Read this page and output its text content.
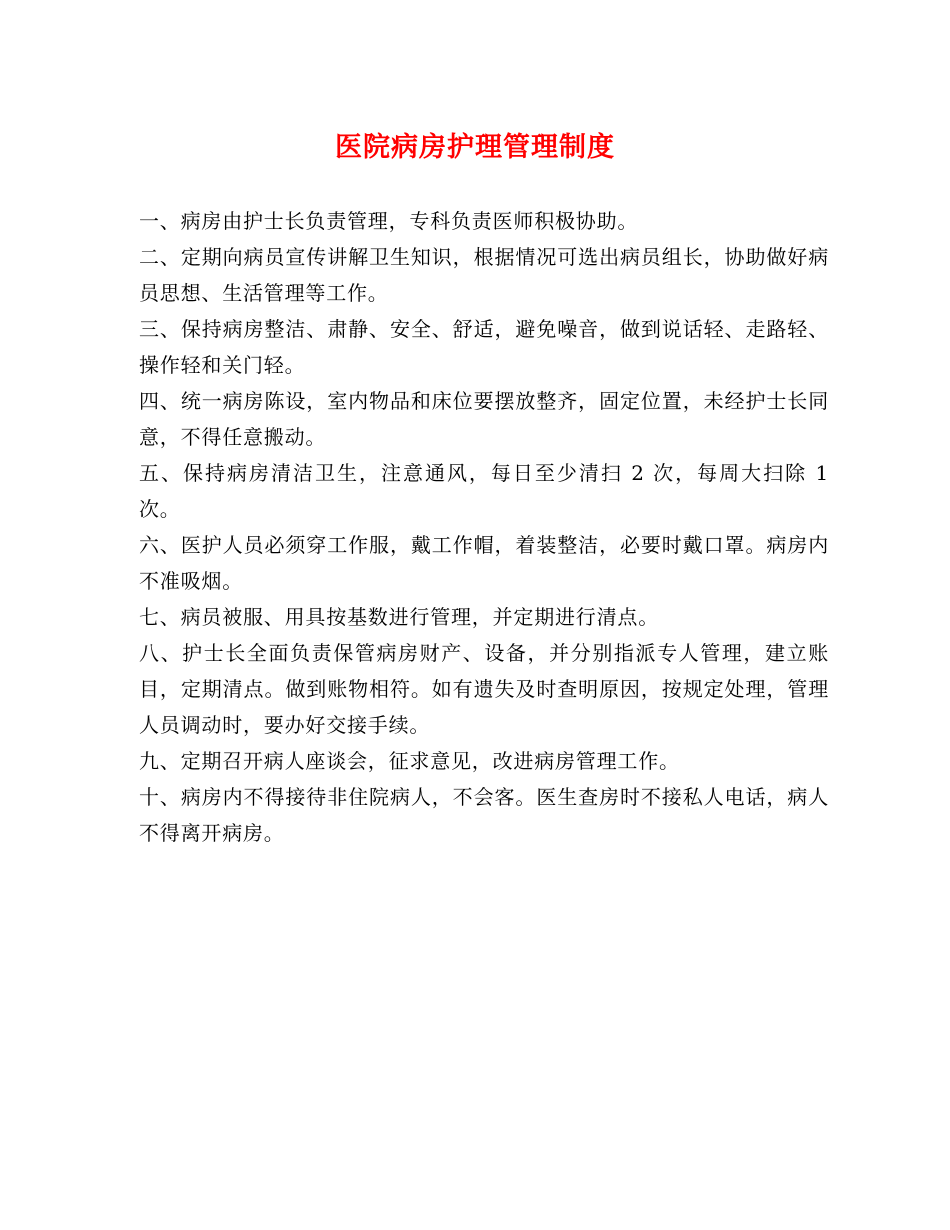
医院病房护理管理制度

一、病房由护士长负责管理，专科负责医师积极协助。

二、定期向病员宣传讲解卫生知识，根据情况可选出病员组长，协助做好病员思想、生活管理等工作。

三、保持病房整洁、肃静、安全、舒适，避免噪音，做到说话轻、走路轻、操作轻和关门轻。

四、统一病房陈设，室内物品和床位要摆放整齐，固定位置，未经护士长同意，不得任意搬动。

五、保持病房清洁卫生，注意通风，每日至少清扫 2 次，每周大扫除 1 次。

六、医护人员必须穿工作服，戴工作帽，着装整洁，必要时戴口罩。病房内不准吸烟。

七、病员被服、用具按基数进行管理，并定期进行清点。

八、护士长全面负责保管病房财产、设备，并分别指派专人管理，建立账目，定期清点。做到账物相符。如有遗失及时查明原因，按规定处理，管理人员调动时，要办好交接手续。

九、定期召开病人座谈会，征求意见，改进病房管理工作。

十、病房内不得接待非住院病人，不会客。医生查房时不接私人电话，病人不得离开病房。
